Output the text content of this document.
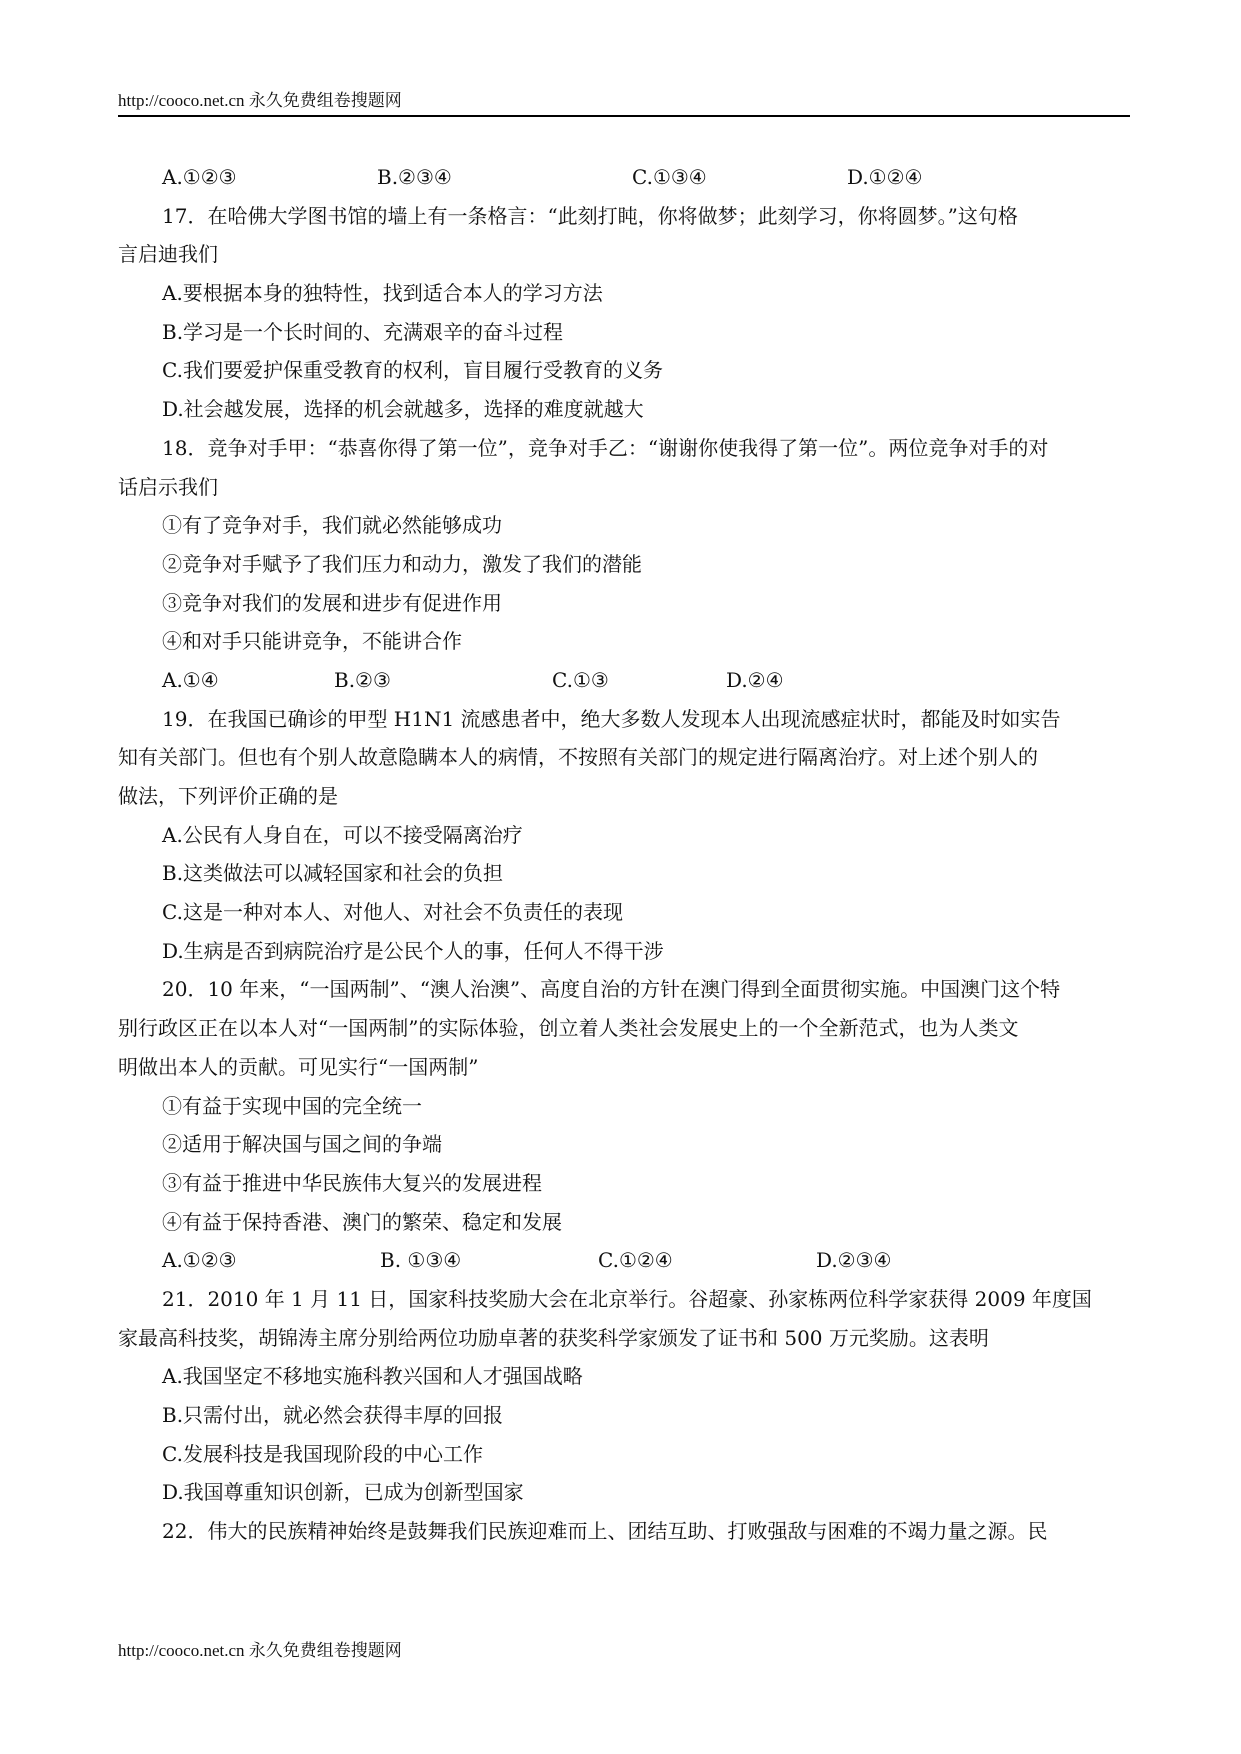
http://cooco.net.cn 永久免费组卷搜题网
A.①②③	B.②③④	C.①③④	D.①②④
17．在哈佛大学图书馆的墙上有一条格言：“此刻打盹，你将做梦；此刻学习，你将圆梦。”这句格
言启迪我们
A.要根据本身的独特性，找到适合本人的学习方法
B.学习是一个长时间的、充满艰辛的奋斗过程
C.我们要爱护保重受教育的权利，盲目履行受教育的义务
D.社会越发展，选择的机会就越多，选择的难度就越大
18．竞争对手甲：“恭喜你得了第一位”，竞争对手乙：“谢谢你使我得了第一位”。两位竞争对手的对
话启示我们
①有了竞争对手，我们就必然能够成功
②竞争对手赋予了我们压力和动力，激发了我们的潜能
③竞争对我们的发展和进步有促进作用
④和对手只能讲竞争，不能讲合作
A.①④	B.②③	C.①③	D.②④
19．在我国已确诊的甲型 H1N1 流感患者中，绝大多数人发现本人出现流感症状时，都能及时如实告
知有关部门。但也有个别人故意隐瞒本人的病情，不按照有关部门的规定进行隔离治疗。对上述个别人的
做法，下列评价正确的是
A.公民有人身自在，可以不接受隔离治疗
B.这类做法可以减轻国家和社会的负担
C.这是一种对本人、对他人、对社会不负责任的表现
D.生病是否到病院治疗是公民个人的事，任何人不得干涉
20．10 年来，“一国两制”、“澳人治澳”、高度自治的方针在澳门得到全面贯彻实施。中国澳门这个特
别行政区正在以本人对“一国两制”的实际体验，创立着人类社会发展史上的一个全新范式，也为人类文
明做出本人的贡献。可见实行“一国两制”
①有益于实现中国的完全统一
②适用于解决国与国之间的争端
③有益于推进中华民族伟大复兴的发展进程
④有益于保持香港、澳门的繁荣、稳定和发展
A.①②③	B. ①③④	C.①②④	D.②③④
21．2010 年 1 月 11 日，国家科技奖励大会在北京举行。谷超豪、孙家栋两位科学家获得 2009 年度国
家最高科技奖，胡锦涛主席分别给两位功励卓著的获奖科学家颁发了证书和 500 万元奖励。这表明
A.我国坚定不移地实施科教兴国和人才强国战略
B.只需付出，就必然会获得丰厚的回报
C.发展科技是我国现阶段的中心工作
D.我国尊重知识创新，已成为创新型国家
22．伟大的民族精神始终是鼓舞我们民族迎难而上、团结互助、打败强敌与困难的不竭力量之源。民
http://cooco.net.cn 永久免费组卷搜题网
